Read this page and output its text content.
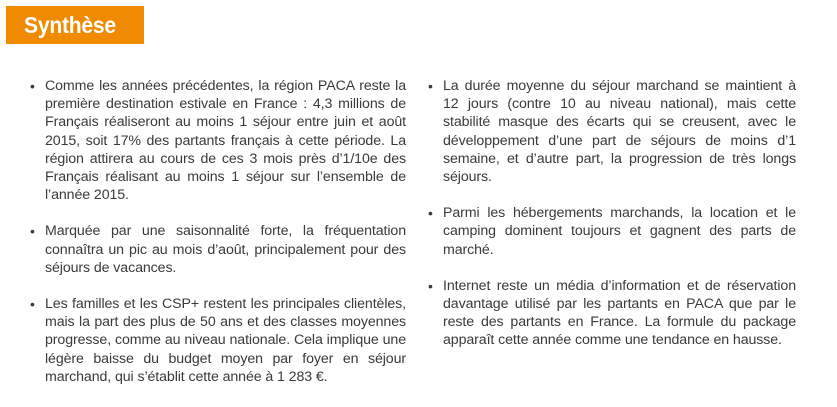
Synthèse
• Comme les années précédentes, la région PACA reste la première destination estivale en France : 4,3 millions de Français réaliseront au moins 1 séjour entre juin et août 2015, soit 17% des partants français à cette période. La région attirera au cours de ces 3 mois près d’1/10e des Français réalisant au moins 1 séjour sur l’ensemble de l’année 2015.
• Marquée par une saisonnalité forte, la fréquentation connaîtra un pic au mois d’août, principalement pour des séjours de vacances.
• Les familles et les CSP+ restent les principales clientèles, mais la part des plus de 50 ans et des classes moyennes progresse, comme au niveau nationale. Cela implique une légère baisse du budget moyen par foyer en séjour marchand, qui s’établit cette année à 1 283 €.
• La durée moyenne du séjour marchand se maintient à 12 jours (contre 10 au niveau national), mais cette stabilité masque des écarts qui se creusent, avec le développement d’une part de séjours de moins d’1 semaine, et d’autre part, la progression de très longs séjours.
• Parmi les hébergements marchands, la location et le camping dominent toujours et gagnent des parts de marché.
• Internet reste un média d’information et de réservation davantage utilisé par les partants en PACA que par le reste des partants en France. La formule du package apparaît cette année comme une tendance en hausse.
